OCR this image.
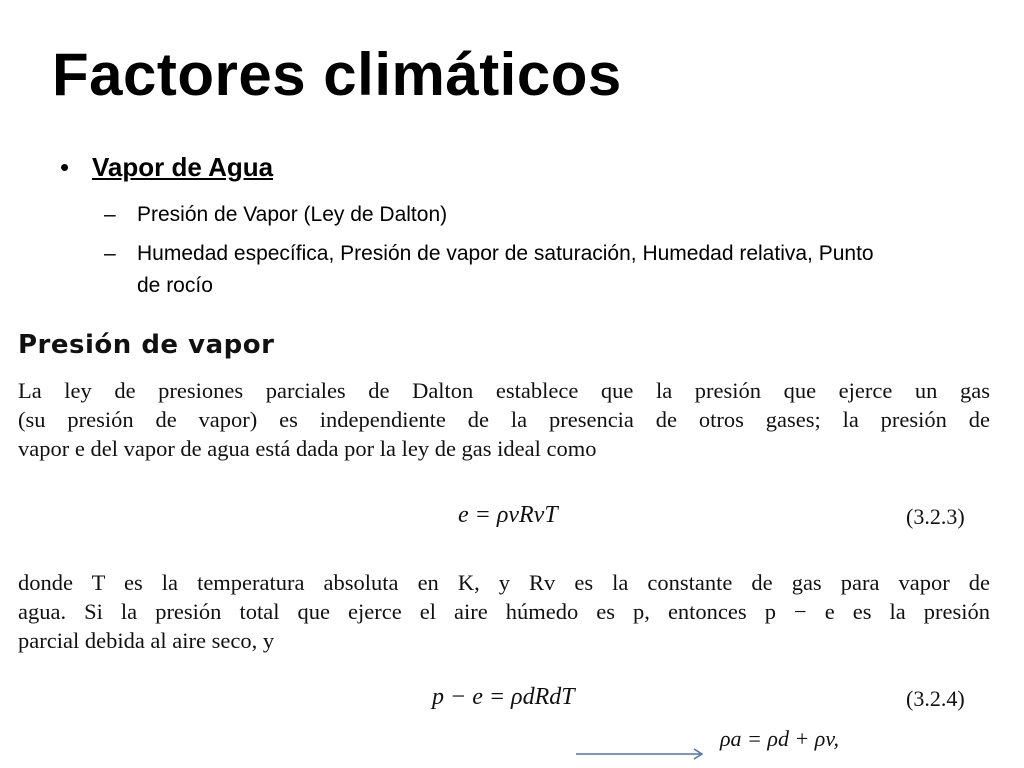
Factores climáticos
• Vapor de Agua
– Presión de Vapor (Ley de Dalton)
– Humedad específica, Presión de vapor de saturación, Humedad relativa, Punto de rocío
Presión de vapor
La ley de presiones parciales de Dalton establece que la presión que ejerce un gas
(su presión de vapor) es independiente de la presencia de otros gases; la presión de
vapor e del vapor de agua está dada por la ley de gas ideal como
e = ρvRvT	(3.2.3)
donde T es la temperatura absoluta en K, y Rv es la constante de gas para vapor de
agua. Si la presión total que ejerce el aire húmedo es p, entonces p − e es la presión
parcial debida al aire seco, y
p − e = ρdRdT	(3.2.4)
ρa = ρd + ρv,
